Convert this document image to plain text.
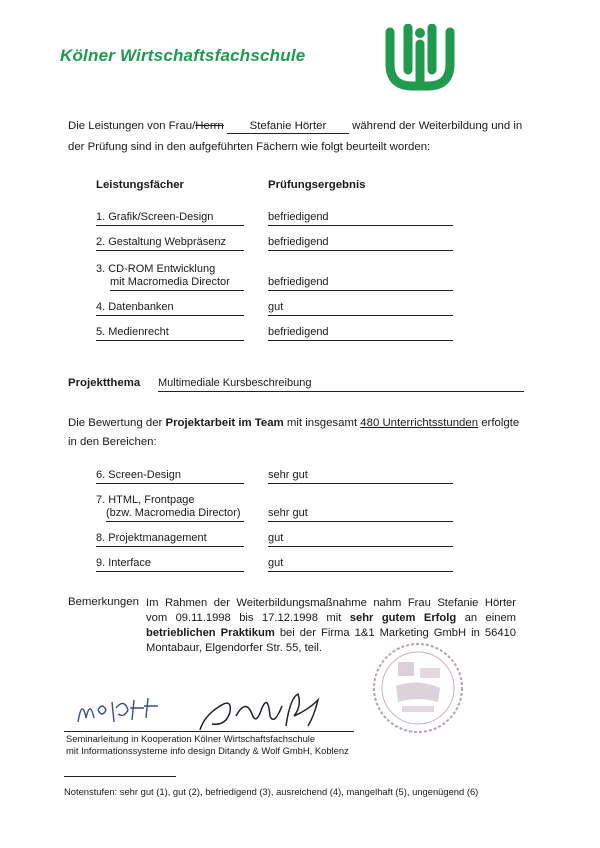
Kölner Wirtschaftsfachschule
Die Leistungen von Frau/Herrn Stefanie Hörter während der Weiterbildung und in der Prüfung sind in den aufgeführten Fächern wie folgt beurteilt worden:
Leistungsfächer	Prüfungsergebnis
1. Grafik/Screen-Design	befriedigend
2. Gestaltung Webpräsenz	befriedigend
3. CD-ROM Entwicklung
mit Macromedia Director	befriedigend
4. Datenbanken	gut
5. Medienrecht	befriedigend
Projektthema Multimediale Kursbeschreibung
Die Bewertung der Projektarbeit im Team mit insgesamt 480 Unterrichtsstunden erfolgte in den Bereichen:
6. Screen-Design	sehr gut
7. HTML, Frontpage
(bzw. Macromedia Director)	sehr gut
8. Projektmanagement	gut
9. Interface	gut
Bemerkungen Im Rahmen der Weiterbildungsmaßnahme nahm Frau Stefanie Hörter vom 09.11.1998 bis 17.12.1998 mit sehr gutem Erfolg an einem betrieblichen Praktikum bei der Firma 1&1 Marketing GmbH in 56410 Montabaur, Elgendorfer Str. 55, teil.
Seminarleitung in Kooperation Kölner Wirtschaftsfachschule
mit Informationssysteme info design Ditandy & Wolf GmbH, Koblenz
Notenstufen: sehr gut (1), gut (2), befriedigend (3), ausreichend (4), mangelhaft (5), ungenügend (6)
